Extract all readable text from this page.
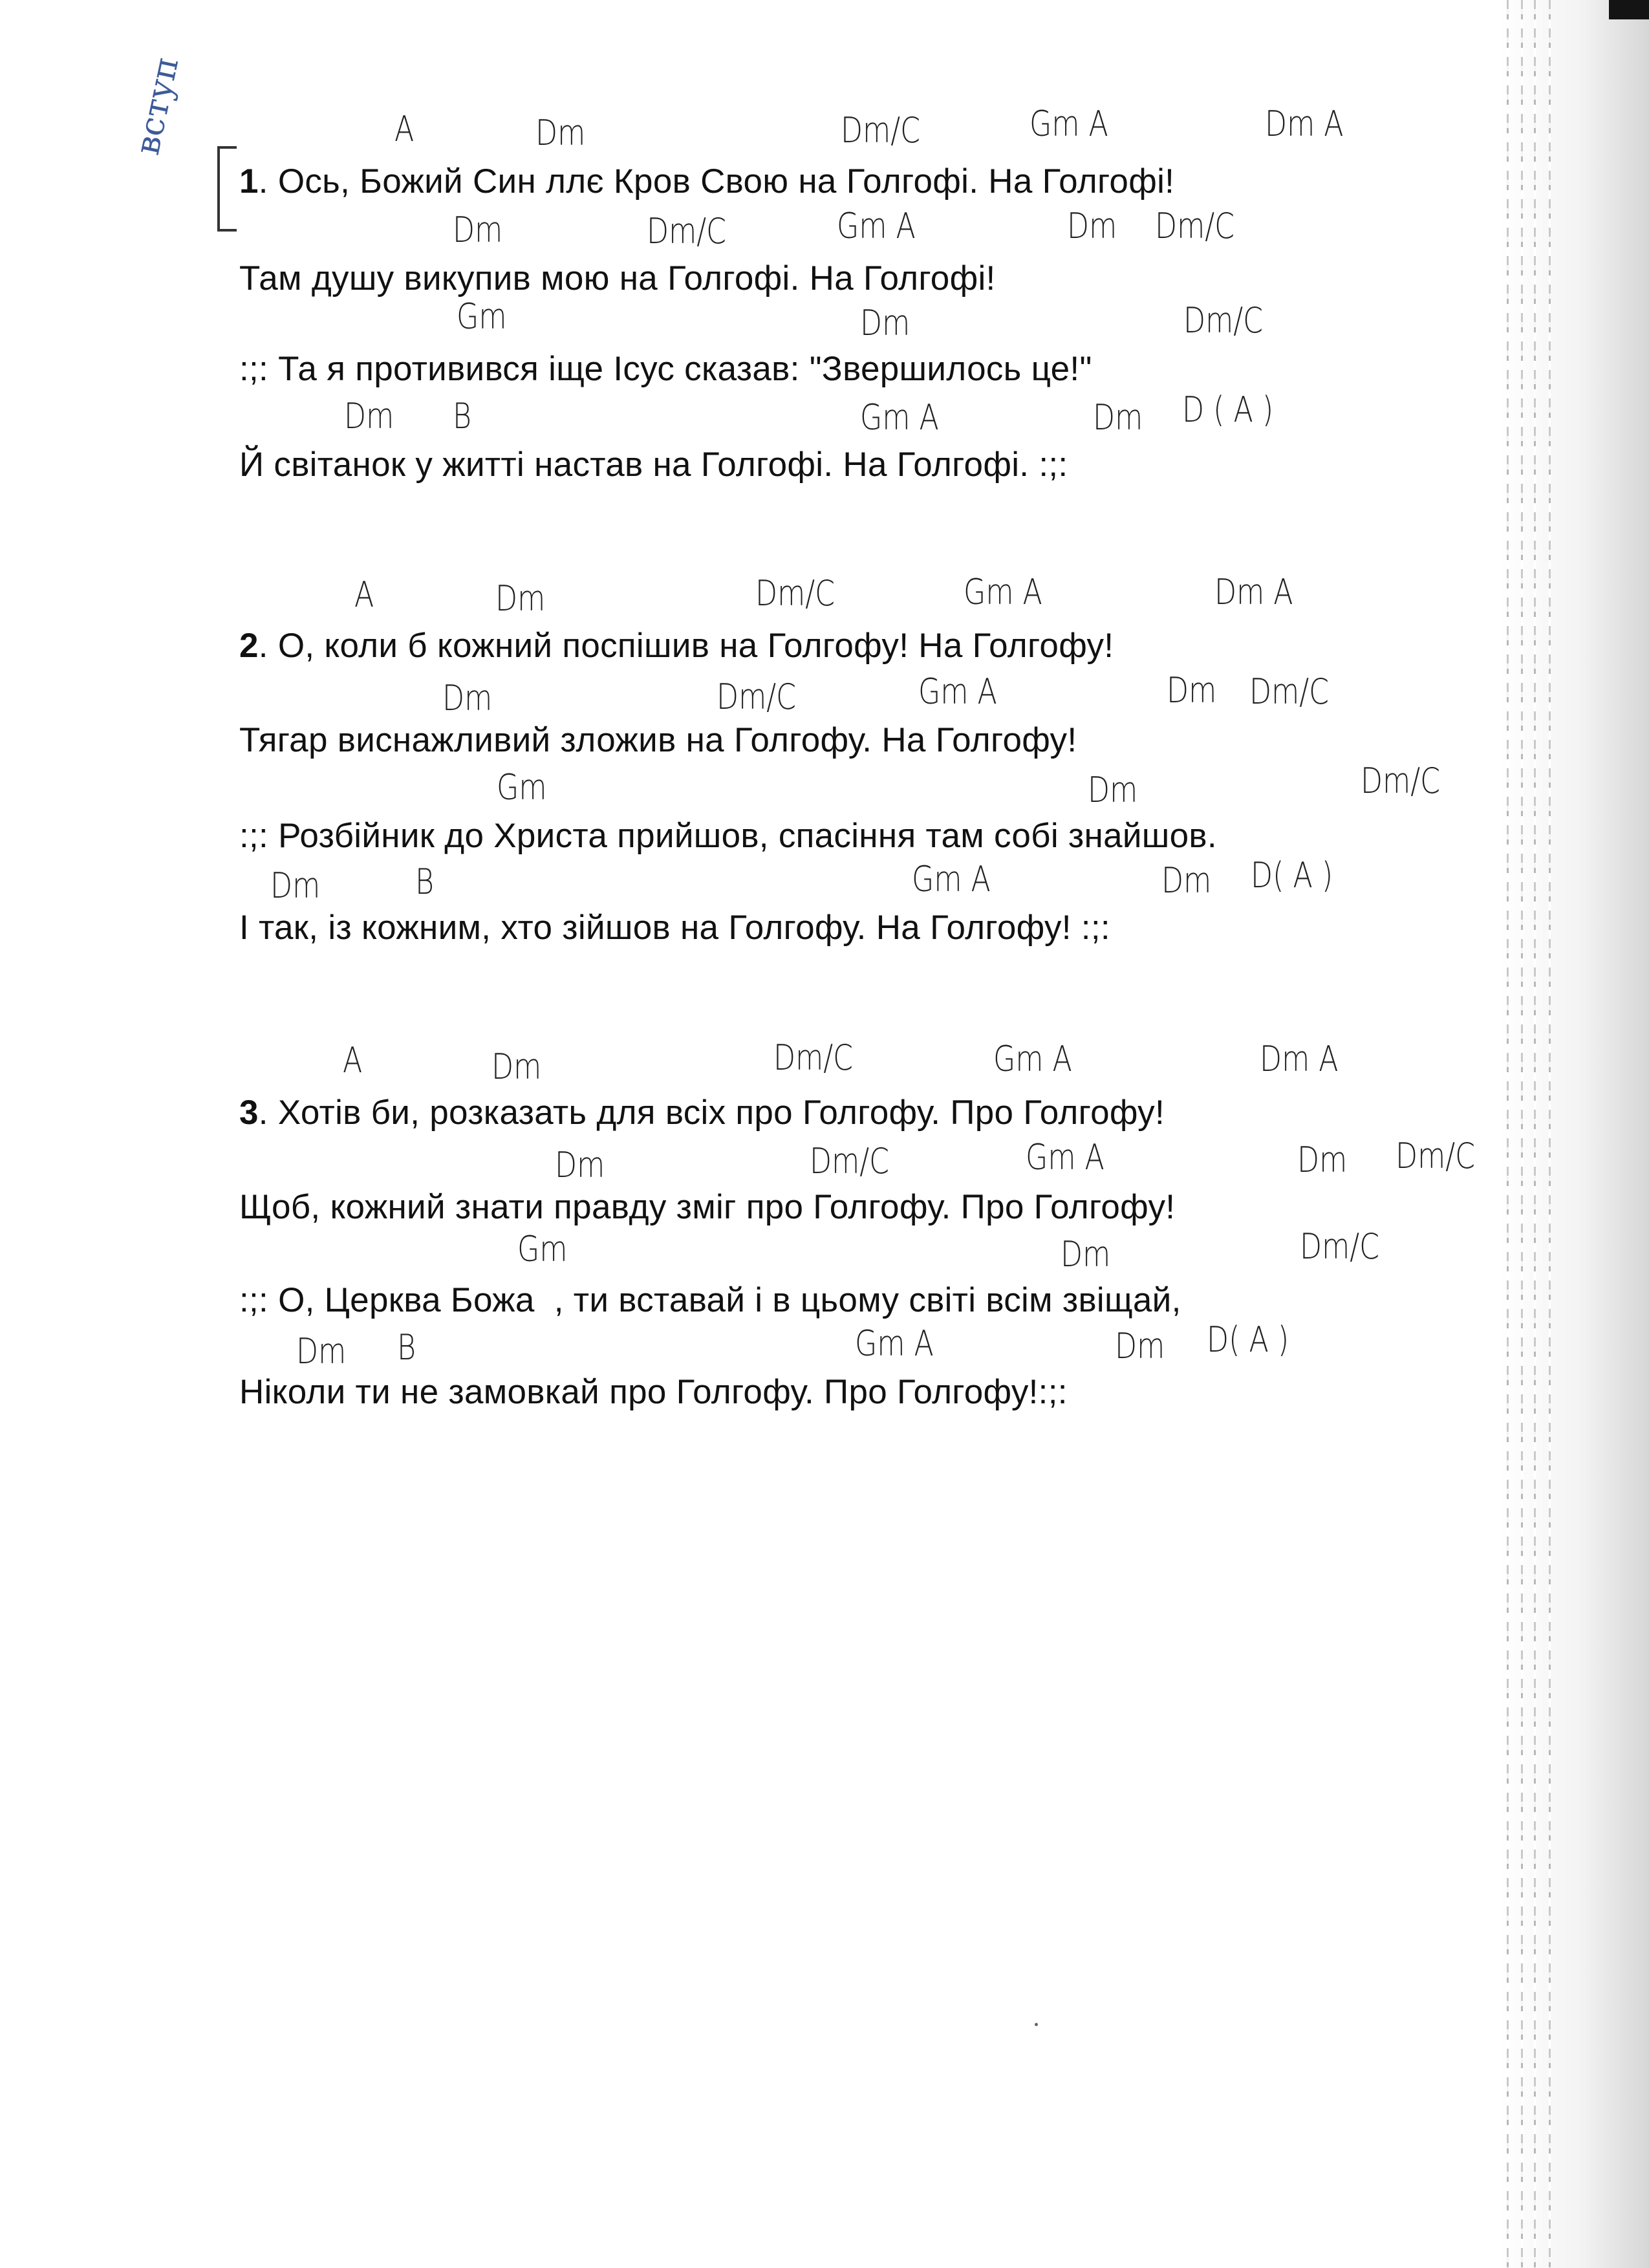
вступ	A	Dm	Dm/C	Gm A	Dm A
1. Ось, Божий Син ллє Кров Свою на Голгофі. На Голгофі!
Dm	Dm/C	Gm A	Dm Dm/C
Там душу викупив мою на Голгофі. На Голгофі!
Gm	Dm	Dm/C
:;: Та я противився іще Ісус сказав: "Звершилось це!"
Dm B	Gm A	Dm D ( A )
Й світанок у житті настав на Голгофі. На Голгофі. :;:
A	Dm	Dm/C	Gm A	Dm A
2. О, коли б кожний поспішив на Голгофу! На Голгофу!
Dm	Dm/C	Gm A	Dm Dm/C
Тягар виснажливий зложив на Голгофу. На Голгофу!
Gm	Dm	Dm/C
:;: Розбійник до Христа прийшов, спасіння там собі знайшов.
Dm	B	Gm A	Dm D( A )
І так, із кожним, хто зійшов на Голгофу. На Голгофу! :;:
A	Dm	Dm/C	Gm A	Dm A
3. Хотів би, розказать для всіх про Голгофу. Про Голгофу!
Dm	Dm/C	Gm A	Dm Dm/C
Щоб, кожний знати правду зміг про Голгофу. Про Голгофу!
Gm	Dm	Dm/C
:;: О, Церква Божа  , ти вставай і в цьому світі всім звіщай,
Dm B	Gm A	Dm D( A )
Ніколи ти не замовкай про Голгофу. Про Голгофу!:;:
